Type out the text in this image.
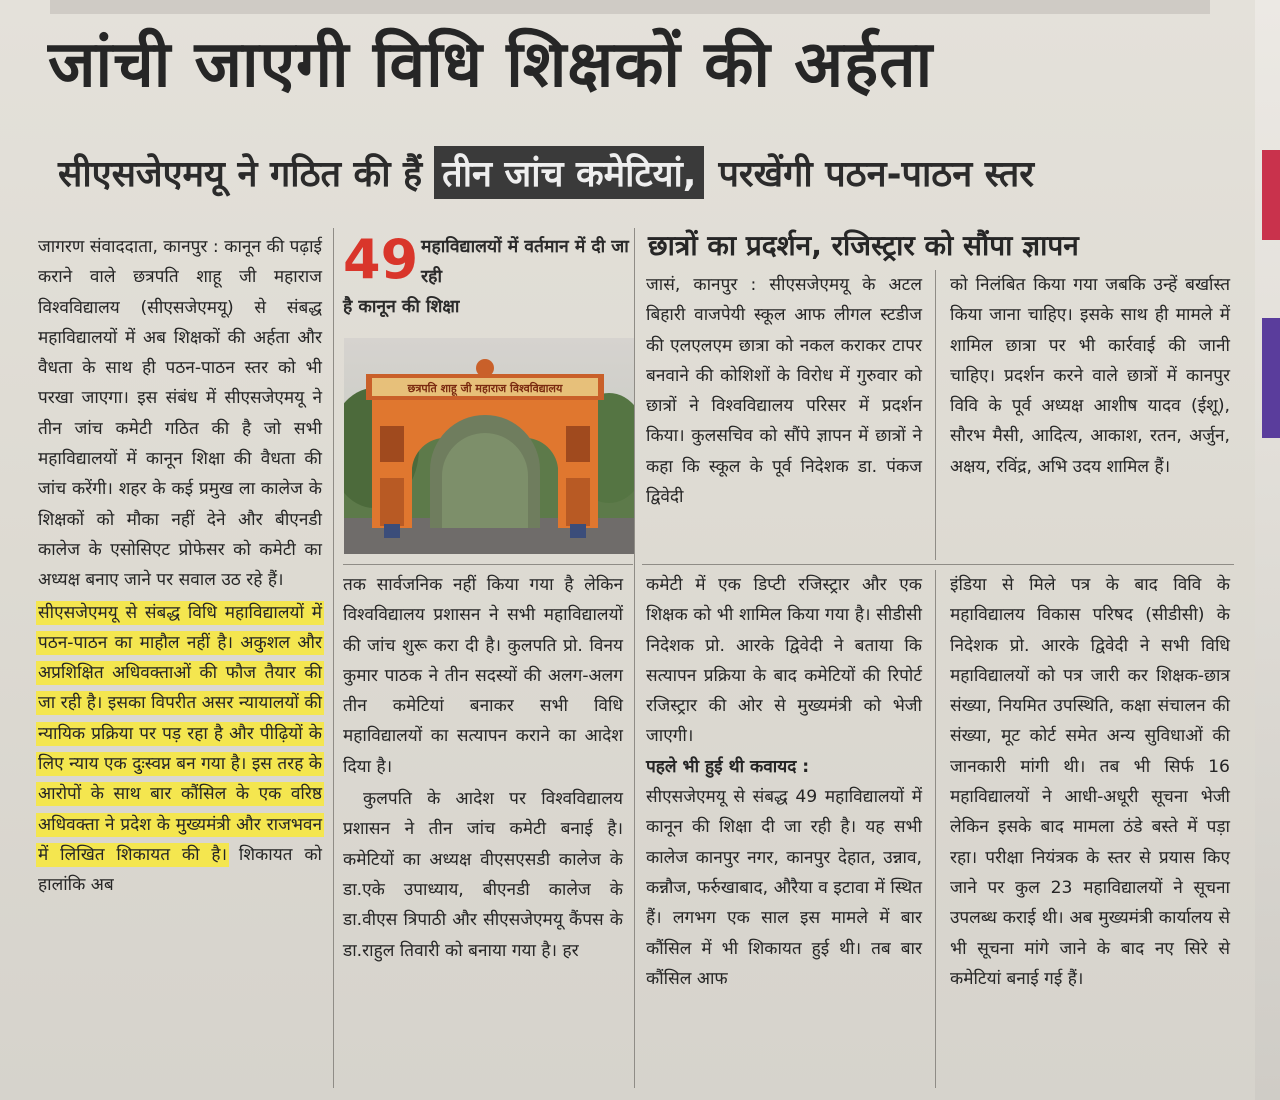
जांची जाएगी विधि शिक्षकों की अर्हता
सीएसजेएमयू ने गठित की हैं तीन जांच कमेटियां, परखेंगी पठन-पाठन स्तर

जागरण संवाददाता, कानपुर : कानून की पढ़ाई कराने वाले छत्रपति शाहू जी महाराज विश्वविद्यालय (सीएसजेएमयू) से संबद्ध महाविद्यालयों में अब शिक्षकों की अर्हता और वैधता के साथ ही पठन-पाठन स्तर को भी परखा जाएगा। इस संबंध में सीएसजेएमयू ने तीन जांच कमेटी गठित की है जो सभी महाविद्यालयों में कानून शिक्षा की वैधता की जांच करेंगी। शहर के कई प्रमुख ला कालेज के शिक्षकों को मौका नहीं देने और बीएनडी कालेज के एसोसिएट प्रोफेसर को कमेटी का अध्यक्ष बनाए जाने पर सवाल उठ रहे हैं।

सीएसजेएमयू से संबद्ध विधि महाविद्यालयों में पठन-पाठन का माहौल नहीं है। अकुशल और अप्रशिक्षित अधिवक्ताओं की फौज तैयार की जा रही है। इसका विपरीत असर न्यायालयों की न्यायिक प्रक्रिया पर पड़ रहा है और पीढ़ियों के लिए न्याय एक दुःस्वप्न बन गया है। इस तरह के आरोपों के साथ बार कौंसिल के एक वरिष्ठ अधिवक्ता ने प्रदेश के मुख्यमंत्री और राजभवन में लिखित शिकायत की है। शिकायत को हालांकि अब

49 महाविद्यालयों में वर्तमान में दी जा रही
है कानून की शिक्षा
छत्रपति शाहू जी महाराज विश्वविद्यालय

तक सार्वजनिक नहीं किया गया है लेकिन विश्वविद्यालय प्रशासन ने सभी महाविद्यालयों की जांच शुरू करा दी है। कुलपति प्रो. विनय कुमार पाठक ने तीन सदस्यों की अलग-अलग तीन कमेटियां बनाकर सभी विधि महाविद्यालयों का सत्यापन कराने का आदेश दिया है।

कुलपति के आदेश पर विश्वविद्यालय प्रशासन ने तीन जांच कमेटी बनाई है। कमेटियों का अध्यक्ष वीएसएसडी कालेज के डा.एके उपाध्याय, बीएनडी कालेज के डा.वीएस त्रिपाठी और सीएसजेएमयू कैंपस के डा.राहुल तिवारी को बनाया गया है। हर

छात्रों का प्रदर्शन, रजिस्ट्रार को सौंपा ज्ञापन

जासं, कानपुर : सीएसजेएमयू के अटल बिहारी वाजपेयी स्कूल आफ लीगल स्टडीज की एलएलएम छात्रा को नकल कराकर टापर बनवाने की कोशिशों के विरोध में गुरुवार को छात्रों ने विश्वविद्यालय परिसर में प्रदर्शन किया। कुलसचिव को सौंपे ज्ञापन में छात्रों ने कहा कि स्कूल के पूर्व निदेशक डा. पंकज द्विवेदी

को निलंबित किया गया जबकि उन्हें बर्खास्त किया जाना चाहिए। इसके साथ ही मामले में शामिल छात्रा पर भी कार्रवाई की जानी चाहिए। प्रदर्शन करने वाले छात्रों में कानपुर विवि के पूर्व अध्यक्ष आशीष यादव (ईशू), सौरभ मैसी, आदित्य, आकाश, रतन, अर्जुन, अक्षय, रविंद्र, अभि उदय शामिल हैं।

कमेटी में एक डिप्टी रजिस्ट्रार और एक शिक्षक को भी शामिल किया गया है। सीडीसी निदेशक प्रो. आरके द्विवेदी ने बताया कि सत्यापन प्रक्रिया के बाद कमेटियों की रिपोर्ट रजिस्ट्रार की ओर से मुख्यमंत्री को भेजी जाएगी।

पहले भी हुई थी कवायद :

सीएसजेएमयू से संबद्ध 49 महाविद्यालयों में कानून की शिक्षा दी जा रही है। यह सभी कालेज कानपुर नगर, कानपुर देहात, उन्नाव, कन्नौज, फर्रुखाबाद, औरैया व इटावा में स्थित हैं। लगभग एक साल इस मामले में बार कौंसिल में भी शिकायत हुई थी। तब बार कौंसिल आफ

इंडिया से मिले पत्र के बाद विवि के महाविद्यालय विकास परिषद (सीडीसी) के निदेशक प्रो. आरके द्विवेदी ने सभी विधि महाविद्यालयों को पत्र जारी कर शिक्षक-छात्र संख्या, नियमित उपस्थिति, कक्षा संचालन की संख्या, मूट कोर्ट समेत अन्य सुविधाओं की जानकारी मांगी थी। तब भी सिर्फ 16 महाविद्यालयों ने आधी-अधूरी सूचना भेजी लेकिन इसके बाद मामला ठंडे बस्ते में पड़ा रहा। परीक्षा नियंत्रक के स्तर से प्रयास किए जाने पर कुल 23 महाविद्यालयों ने सूचना उपलब्ध कराई थी। अब मुख्यमंत्री कार्यालय से भी सूचना मांगे जाने के बाद नए सिरे से कमेटियां बनाई गई हैं।
